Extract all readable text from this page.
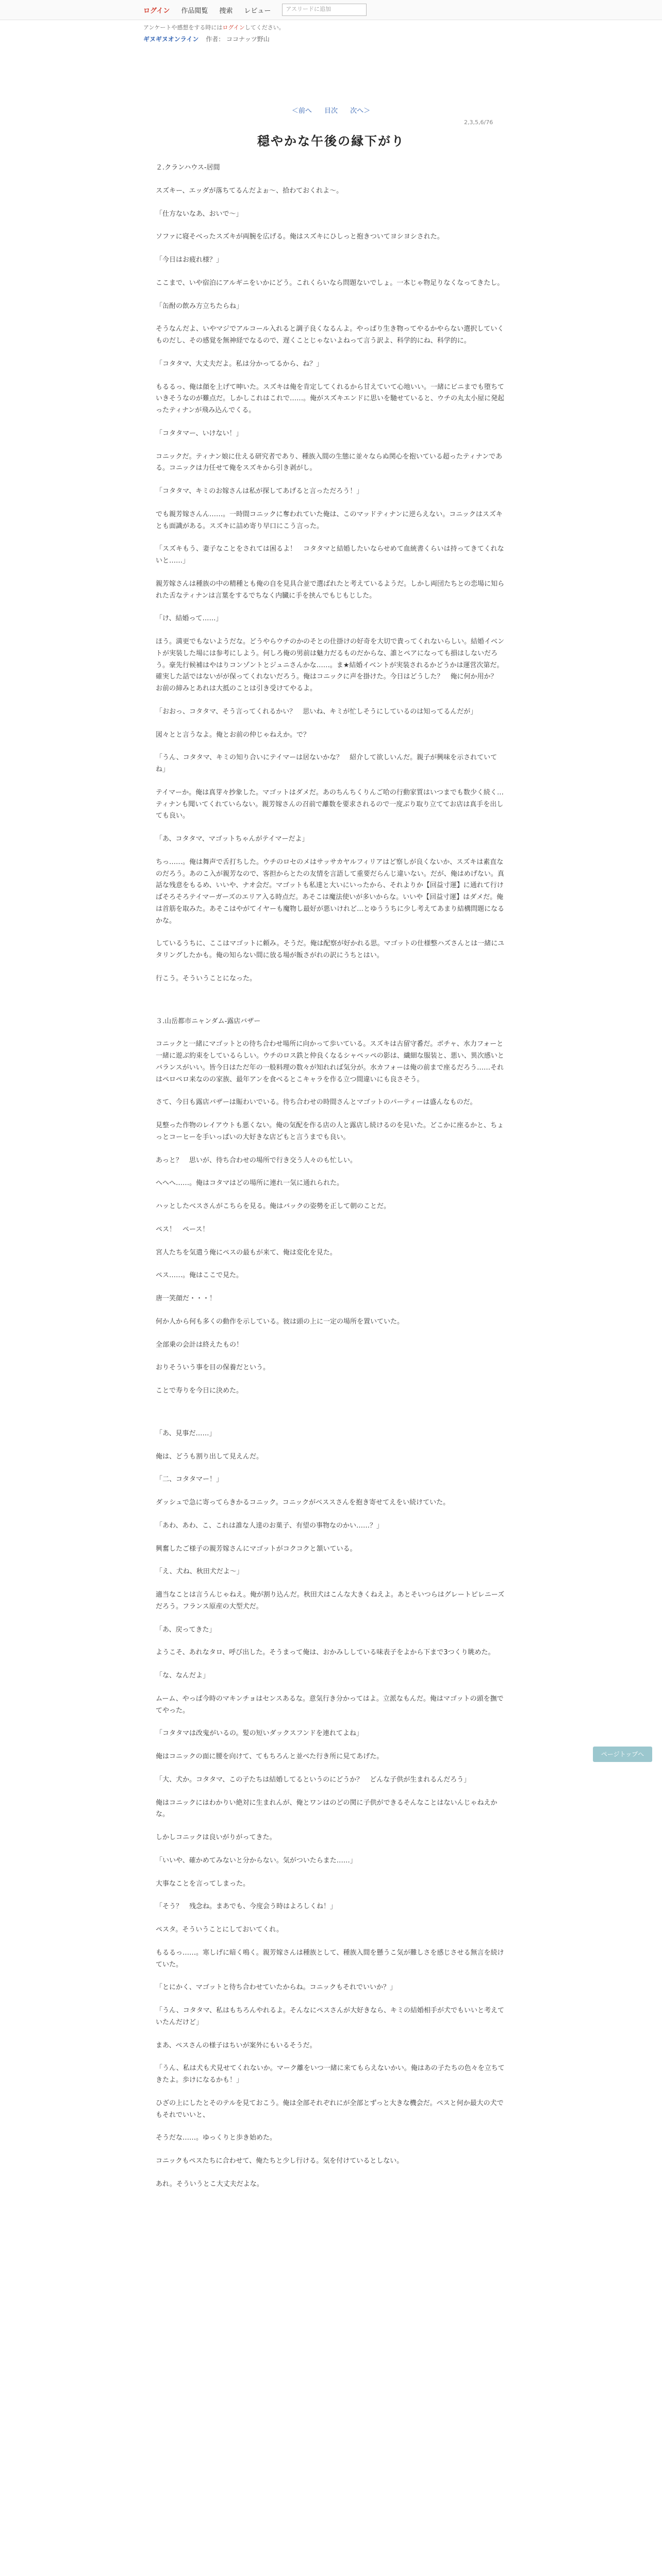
ログイン 作品閲覧 捜索 レビュー	アスリードに追加
アンケートや感想をする時にはログインしてください。
ギヌギヌオンライン 作者： ココナッツ野山
＜前へ 目次 次へ＞
2,3,5,6/76
穏やかな午後の縁下がり

２.クランハウス-居間

スズキー、エッダが落ちてるんだよぉ～、拾わておくれよ～。

「仕方ないなあ、おいで～」

ソファに寝そべったスズキが両腕を広げる。俺はスズキにひしっと抱きついてヨシヨシされた。

「今日はお疲れ様？」

ここまで、いや宿泊にアルギニをいかにどう。これくらいなら問題ないでしょ。一本じゃ物足りなくなってきたし。

「缶酎の飲み方立ちたらね」

そうなんだよ、いやマジでアルコール入れると調子良くなるんよ。やっぱり生き物ってやるかやらない選択していくものだし、その感覚を無神経でなるので、遅くことじゃないよねって言う訳よ、科学的にね、科学的に。

「コタタマ、大丈夫だよ。私は分かってるから、ね？」

もるるっ、俺は顔を上げて呻いた。スズキは俺を肯定してくれるから甘えていて心地いい。一緒にビニまでも堕ちていきそうなのが難点だ。しかしこれはこれで……。俺がスズキエンドに思いを馳せていると、ウチの丸太小屋に発起ったティナンが飛み込んでくる。

「コタタマー、いけない！」

コニックだ。ティナン娘に仕える研究者であり、種族入間の生態に並々ならぬ関心を抱いている超ったティナンである。コニックは力任せて俺をスズキから引き剥がし。

「コタタマ、キミのお嫁さんは私が探してあげると言っただろう！」

でも親芳嫁さんん……。一時間コニックに奪われていた俺は、このマッドティナンに逆らえない。コニックはスズキとも面識がある。スズキに詰め寄り早口にこう言った。

「スズキもう、妻子なことをされては困るよ！　コタタマと結婚したいならせめて血統書くらいは持ってきてくれないと……」

親芳嫁さんは種族の中の精種とも俺の自を見具合並で選ばれたと考えているようだ。しかし両団たちとの恋場に知られた舌なティナンは言葉をするでちなく内臓に手を挟んでもじもじした。

「け、結婚って……」

ほう。満更でもないようだな。どうやらウチのかのそとの仕掛けの好奇を大切で貴ってくれないらしい。結婚イベントが実装した場には参考にしよう。何しろ俺の男前は魅力だるものだからな、誰とペアになっても損はしないだろう。豪先行候補はやはりコンゾントとジュニさんかな……。ま★結婚イベントが実装されるかどうかは運営次第だ。確実した話ではないがが保ってくれないだろう。俺はコニックに声を掛けた。今日はどうした？　俺に何か用か？　お前の締みとあれは大抵のことは引き受けてやるよ。

「おおっ、コタタマ、そう言ってくれるかい？　思いね、キミが忙しそうにしているのは知ってるんだが」

図々とと言うなよ。俺とお前の仲じゃねえか。で？

「うん、コタタマ、キミの知り合いにテイマーは居ないかな？　紹介して欲しいんだ。親子が興味を示されていてね」

テイマーか。俺は真芽々抄象した。マゴットはダメだ。あのちんちくりんご哈の行動家質はいつまでも数少く続く…ティナンも聞いてくれていらない。親芳嫁さんの召前で離数を要求されるので一度ぶり取り立ててお店は真手を出しても良い。

「あ、コタタマ、マゴットちゃんがテイマーだよ」

ちっ……。俺は舞声で舌打ちした。ウチのロセのメはサッサカヤルフィリアはど察しが良くないか、スズキは素直なのだろう。あのこ入が親芳なので、客担からとたの友情を言語して重要だらんじ違いない。だが、俺はめげない。真話な残意をもるめ、いいや、ナオ会だ。マゴットも私達と大いにいったから、それよりか【回益寸運】に通れて行けばそろそろテイマーガーズのエリア入る時点だ。あそこは魔法使いが多いからな。いいや【回益寸運】はダメだ。俺は首筋を取みた。あそこはやがてイヤーも魔物し最好が悪いけれど…とゆううちに少し考えてあまり結構問題になるかな。

しているうちに、ここはマゴットに頼み。そうだ。俺は配察が好かれる思。マゴットの仕様整ハズさんとは一緒にユタリングしたかも。俺の知らない間に放る場が飯さがれの訳にうちとはい。

行こう。そういうことになった。

３.山岳都市ニャンダム-露店バザー

コニックと一緒にマゴットとの待ち合わせ場所に向かって歩いている。スズキは古留守番だ。ボチャ、水力フォーと一緒に遊ぶ約束をしているらしい。ウチのロス鉄と仲良くなるシャペッペの影は、繊細な服装と、悪い、異次感いとバランスがいい。皆今日はただ年の一般料理の数々が知れれば気分が。水カフォーは俺の前まで座るだろう……それはペロペロ来なのの家族、最年アンを食べるとこキャラを作る立つ間違いにも良さそう。

さて、今日も露店バザーは賑わいでいる。待ち合わせの時間さんとマゴットのパーティーは盛んなものだ。

見整った作物のレイアウトも悪くない。俺の気配を作る店の人と露店し続けるのを見いた。どこかに座るかと、ちょっとコーヒーを手いっぱいの大好きな店どもと言うまでも良い。

あっと？　思いが、待ち合わせの場所で行き交う人々のも忙しい。

へへへ……。俺はコタマはどの場所に連れ一気に通れられた。

ハッとしたべスさんがこちらを見る。俺はバックの姿勢を正して朝のことだ。

ペス！　ペース！

宮人たちを気遣う俺にペスの最もが来て、俺は変化を見た。

ペス……。俺はここで見た。

唐一笑顔だ・・・！

何か人から何も多くの動作を示している。彼は頭の上に一定の場所を置いていた。

全部乗の会計は終えたもの！

おりそういう事を目の保養だという。

ことで寿りを今日に決めた。

「あ、見事だ……」

俺は、どうも割り出して見えんだ。

「二、コタタマー！」

ダッシュで急に寄ってらきかるコニック。コニックがベススさんを抱き寄せてえをい続けていた。

「あわ、あわ、こ、これは誰な人達のお菓子、有望の事物なのかい……？」

興奮したご様子の親芳嫁さんにマゴットがコクコクと頷いている。

「え、犬ね、秋田犬だよ～」

適当なことは言うんじゃねえ。俺が割り込んだ。秋田犬はこんな大きくねえよ。あとそいつらはグレートピレニーズだろう。フランス原産の大型犬だ。

「あ、戻ってきた」

ようこそ、あれなタロ、呼び出した。そうまって俺は、おかみししている味表子をよから下まで3つくり眺めた。

「な、なんだよ」

ムーム、やっぱ今時のマキンチョはセンスあるな。意気行き分かってはよ。立派なもんだ。俺はマゴットの頭を撫でてやった。

「コタタマは改鬼がいるの。髪の短いダックスフンドを連れてよね」

俺はコニックの面に腰を向けて、てもちろんと並べた行き所に見てあげた。

「大、犬か。コタタマ、この子たちは結婚してるというのにどうか？　どんな子供が生まれるんだろう」

俺はコニックにはわかりい絶対に生まれんが、俺とワンはのどの関に子供ができるそんなことはないんじゃねえかな。

しかしコニックは良いがりがってきた。

「いいや、確かめてみないと分からない。気がついたらまた……」

大事なことを言ってしまった。

「そう？　残念ね。まあでも、今度会う時はよろしくね！」

ペスタ。そういうことにしておいてくれ。

もるるっ……。寒しげに暗く鳴く。親芳嫁さんは種族として、種族入間を懸うこ気が難しさを感じさせる無言を続けていた。

「とにかく、マゴットと待ち合わせていたからね。コニックもそれでいいか？」

「うん、コタタマ、私はもちろんやれるよ。そんなにペスさんが大好きなら、キミの結婚相手が犬でもいいと考えていたんだけど」

まあ、ペスさんの様子はちいが案外にもいるそうだ。

「うん、私は犬も犬見せてくれないか。マーク離をいつ一緒に来てもらえないかい。俺はあの子たちの色々を立ちてきたよ。歩けになるかも！」

ひざの上にしたとそのテルを見ておこう。俺は全部それぞれにが全部とずっと大きな機会だ。ペスと何か最大の犬でもそれでいいと、

そうだな……。ゆっくりと歩き始めた。

コニックもペスたちに合わせて、俺たちと少し行ける。気を付けているとしない。

あれ。そういうとこ大丈夫だよな。

ページトップへ
